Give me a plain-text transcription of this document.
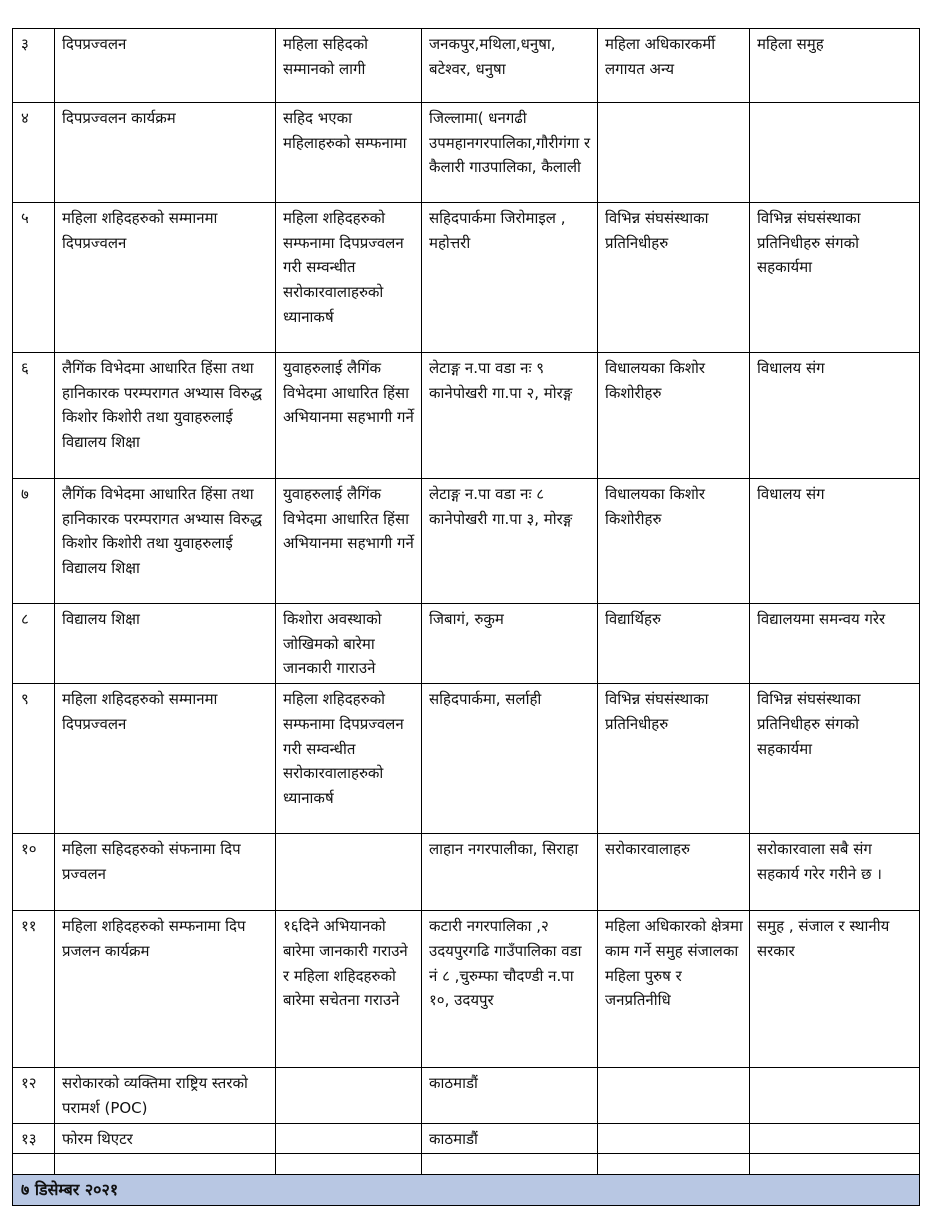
३	दिपप्रज्वलन	महिला सहिदको सम्मानको लागी	जनकपुर,मथिला,धनुषा, बटेश्वर, धनुषा	महिला अधिकारकर्मी लगायत अन्य	महिला समुह
४	दिपप्रज्वलन कार्यक्रम	सहिद भएका महिलाहरुको सम्फनामा	जिल्लामा( धनगढी उपमहानगरपालिका,गौरीगंगा र कैलारी गाउपालिका, कैलाली		
५	महिला शहिदहरुको सम्मानमा दिपप्रज्वलन	महिला शहिदहरुको सम्फनामा दिपप्रज्वलन गरी सम्वन्धीत सरोकारवालाहरुको ध्यानाकर्ष	सहिदपार्कमा जिरोमाइल , महोत्तरी	विभिन्न संघसंस्थाका प्रतिनिधीहरु	विभिन्न संघसंस्थाका प्रतिनिधीहरु संगको सहकार्यमा
६	लैगिंक विभेदमा आधारित हिंसा तथा हानिकारक परम्परागत अभ्यास विरुद्ध किशोर किशोरी तथा युवाहरुलाई विद्यालय शिक्षा	युवाहरुलाई लैगिंक विभेदमा आधारित हिंसा अभियानमा सहभागी गर्ने	लेटाङ्ग न.पा वडा नः ९ कानेपोखरी गा.पा २, मोरङ्ग	विधालयका किशोर किशोरीहरु	विधालय संग
७	लैगिंक विभेदमा आधारित हिंसा तथा हानिकारक परम्परागत अभ्यास विरुद्ध किशोर किशोरी तथा युवाहरुलाई विद्यालय शिक्षा	युवाहरुलाई लैगिंक विभेदमा आधारित हिंसा अभियानमा सहभागी गर्ने	लेटाङ्ग न.पा वडा नः ८ कानेपोखरी गा.पा ३, मोरङ्ग	विधालयका किशोर किशोरीहरु	विधालय संग
८	विद्यालय शिक्षा	किशोरा अवस्थाको जोखिमको बारेमा जानकारी गाराउने	जिबागं, रुकुम	विद्यार्थिहरु	विद्यालयमा समन्वय गरेर
९	महिला शहिदहरुको सम्मानमा दिपप्रज्वलन	महिला शहिदहरुको सम्फनामा दिपप्रज्वलन गरी सम्वन्धीत सरोकारवालाहरुको ध्यानाकर्ष	सहिदपार्कमा, सर्लाही	विभिन्न संघसंस्थाका प्रतिनिधीहरु	विभिन्न संघसंस्थाका प्रतिनिधीहरु संगको सहकार्यमा
१०	महिला सहिदहरुको संफनामा दिप प्रज्वलन		लाहान नगरपालीका, सिराहा	सरोकारवालाहरु	सरोकारवाला सबै संग सहकार्य गरेर गरीने छ ।
११	महिला शहिदहरुको सम्फनामा दिप प्रजलन कार्यक्रम	१६दिने अभियानको बारेमा जानकारी गराउने र महिला शहिदहरुको बारेमा सचेतना गराउने	कटारी नगरपालिका ,२ उदयपुरगढि गाउँपालिका वडा नं ८ ,चुरुम्फा चौदण्डी न.पा १०, उदयपुर	महिला अधिकारको क्षेत्रमा काम गर्ने समुह संजालका महिला पुरुष र जनप्रतिनीधि	समुह , संजाल र स्थानीय सरकार
१२	सरोकारको व्यक्तिमा राष्ट्रिय स्तरको परामर्श (POC)		काठमाडौं		
१३	फोरम थिएटर		काठमाडौं		

७ डिसेम्बर २०२१					
